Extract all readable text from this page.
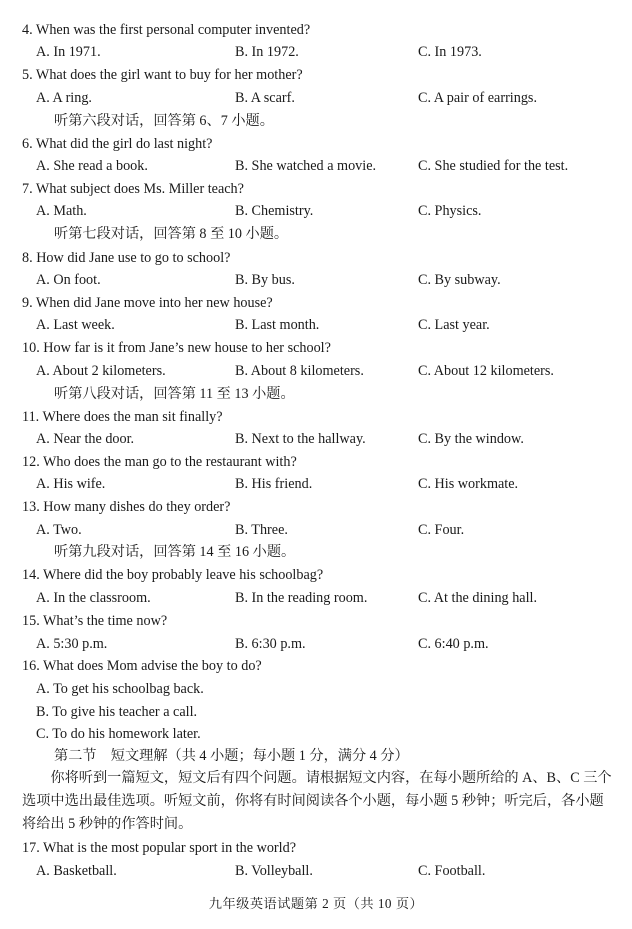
4. When was the first personal computer invented?
A. In 1971.	B. In 1972.	C. In 1973.
5. What does the girl want to buy for her mother?
A. A ring.	B. A scarf.	C. A pair of earrings.
听第六段对话，回答第 6、7 小题。
6. What did the girl do last night?
A. She read a book.	B. She watched a movie.	C. She studied for the test.
7. What subject does Ms. Miller teach?
A. Math.	B. Chemistry.	C. Physics.
听第七段对话，回答第 8 至 10 小题。
8. How did Jane use to go to school?
A. On foot.	B. By bus.	C. By subway.
9. When did Jane move into her new house?
A. Last week.	B. Last month.	C. Last year.
10. How far is it from Jane’s new house to her school?
A. About 2 kilometers.	B. About 8 kilometers.	C. About 12 kilometers.
听第八段对话，回答第 11 至 13 小题。
11. Where does the man sit finally?
A. Near the door.	B. Next to the hallway.	C. By the window.
12. Who does the man go to the restaurant with?
A. His wife.	B. His friend.	C. His workmate.
13. How many dishes do they order?
A. Two.	B. Three.	C. Four.
听第九段对话，回答第 14 至 16 小题。
14. Where did the boy probably leave his schoolbag?
A. In the classroom.	B. In the reading room.	C. At the dining hall.
15. What’s the time now?
A. 5:30 p.m.	B. 6:30 p.m.	C. 6:40 p.m.
16. What does Mom advise the boy to do?
A. To get his schoolbag back.
B. To give his teacher a call.
C. To do his homework later.
第二节　短文理解（共 4 小题；每小题 1 分，满分 4 分）
　　你将听到一篇短文，短文后有四个问题。请根据短文内容，在每小题所给的 A、B、C 三个选项中选出最佳选项。听短文前，你将有时间阅读各个小题，每小题 5 秒钟；听完后，各小题将给出 5 秒钟的作答时间。
17. What is the most popular sport in the world?
A. Basketball.	B. Volleyball.	C. Football.
九年级英语试题第 2 页（共 10 页）
